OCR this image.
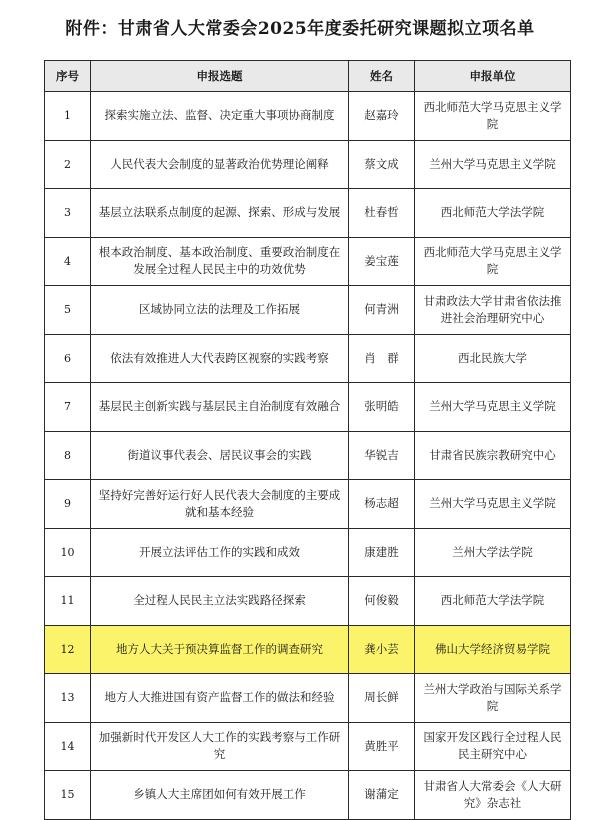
附件：甘肃省人大常委会2025年度委托研究课题拟立项名单
序号	申报选题	姓名	申报单位
1	探索实施立法、监督、决定重大事项协商制度	赵嘉玲	西北师范大学马克思主义学院
2	人民代表大会制度的显著政治优势理论阐释	蔡文成	兰州大学马克思主义学院
3	基层立法联系点制度的起源、探索、形成与发展	杜春哲	西北师范大学法学院
4	根本政治制度、基本政治制度、重要政治制度在发展全过程人民民主中的功效优势	姜宝莲	西北师范大学马克思主义学院
5	区域协同立法的法理及工作拓展	何青洲	甘肃政法大学甘肃省依法推进社会治理研究中心
6	依法有效推进人大代表跨区视察的实践考察	肖　群	西北民族大学
7	基层民主创新实践与基层民主自治制度有效融合	张明皓	兰州大学马克思主义学院
8	街道议事代表会、居民议事会的实践	华锐吉	甘肃省民族宗教研究中心
9	坚持好完善好运行好人民代表大会制度的主要成就和基本经验	杨志超	兰州大学马克思主义学院
10	开展立法评估工作的实践和成效	康建胜	兰州大学法学院
11	全过程人民民主立法实践路径探索	何俊毅	西北师范大学法学院
12	地方人大关于预决算监督工作的调查研究	龚小芸	佛山大学经济贸易学院
13	地方人大推进国有资产监督工作的做法和经验	周长鲜	兰州大学政治与国际关系学院
14	加强新时代开发区人大工作的实践考察与工作研究	黄胜平	国家开发区践行全过程人民民主研究中心
15	乡镇人大主席团如何有效开展工作	谢蒲定	甘肃省人大常委会《人大研究》杂志社
